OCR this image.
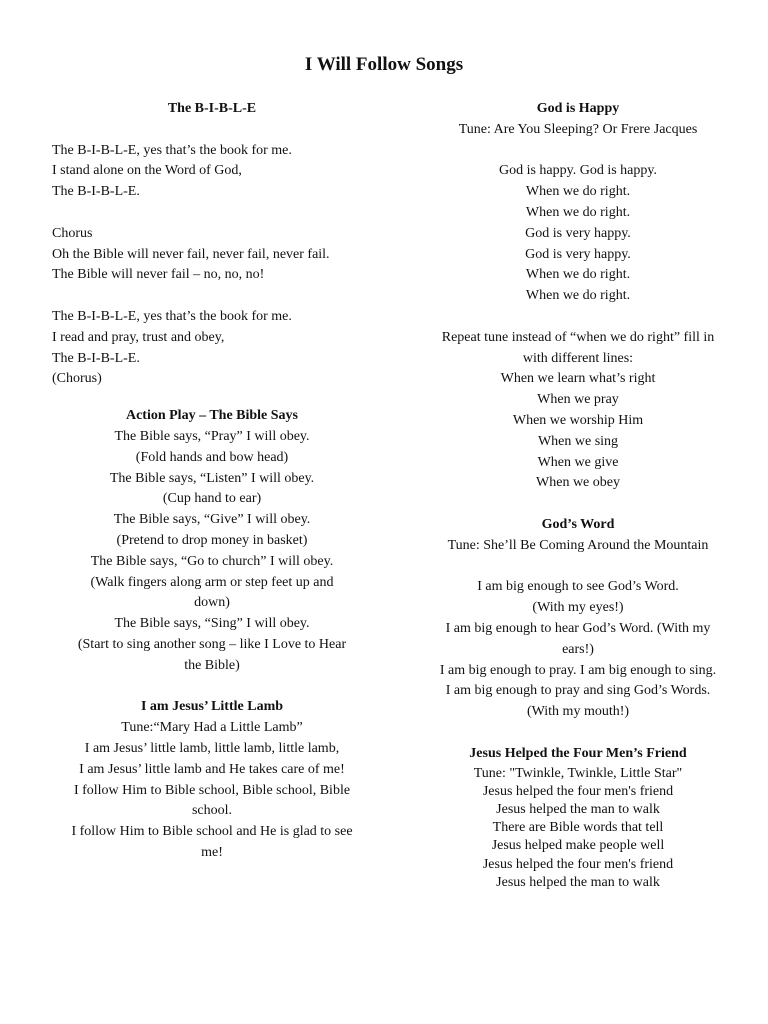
I Will Follow Songs
The B-I-B-L-E
The B-I-B-L-E, yes that’s the book for me.
I stand alone on the Word of God,
The B-I-B-L-E.
Chorus
Oh the Bible will never fail, never fail, never fail.
The Bible will never fail – no, no, no!
The B-I-B-L-E, yes that’s the book for me.
I read and pray, trust and obey,
The B-I-B-L-E.
(Chorus)
Action Play – The Bible Says
The Bible says, “Pray” I will obey.
(Fold hands and bow head)
The Bible says, “Listen” I will obey.
(Cup hand to ear)
The Bible says, “Give” I will obey.
(Pretend to drop money in basket)
The Bible says, “Go to church” I will obey.
(Walk fingers along arm or step feet up and
down)
The Bible says, “Sing” I will obey.
(Start to sing another song – like I Love to Hear
the Bible)
I am Jesus’ Little Lamb
Tune:“Mary Had a Little Lamb”
I am Jesus’ little lamb, little lamb, little lamb,
I am Jesus’ little lamb and He takes care of me!
I follow Him to Bible school, Bible school, Bible
school.
I follow Him to Bible school and He is glad to see
me!
God is Happy
Tune: Are You Sleeping? Or Frere Jacques
God is happy. God is happy.
When we do right.
When we do right.
God is very happy.
God is very happy.
When we do right.
When we do right.
Repeat tune instead of “when we do right” fill in
with different lines:
When we learn what’s right
When we pray
When we worship Him
When we sing
When we give
When we obey
God’s Word
Tune: She’ll Be Coming Around the Mountain
I am big enough to see God’s Word.
(With my eyes!)
I am big enough to hear God’s Word. (With my
ears!)
I am big enough to pray. I am big enough to sing.
I am big enough to pray and sing God’s Words.
(With my mouth!)
Jesus Helped the Four Men’s Friend
Tune: "Twinkle, Twinkle, Little Star"
Jesus helped the four men's friend
Jesus helped the man to walk
There are Bible words that tell
Jesus helped make people well
Jesus helped the four men's friend
Jesus helped the man to walk
